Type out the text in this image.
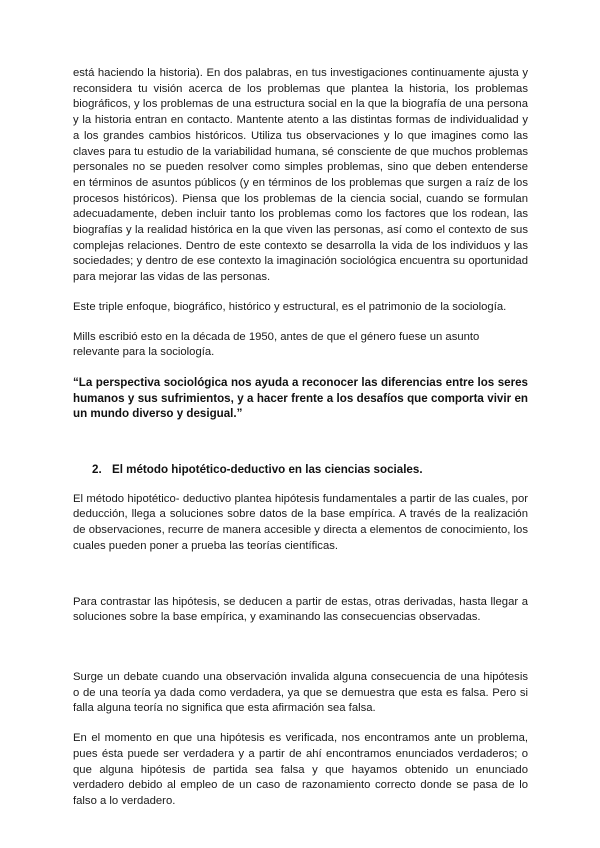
está haciendo la historia). En dos palabras, en tus investigaciones continuamente ajusta y reconsidera tu visión acerca de los problemas que plantea la historia, los problemas biográficos, y los problemas de una estructura social en la que la biografía de una persona y la historia entran en contacto. Mantente atento a las distintas formas de individualidad y a los grandes cambios históricos. Utiliza tus observaciones y lo que imagines como las claves para tu estudio de la variabilidad humana, sé consciente de que muchos problemas personales no se pueden resolver como simples problemas, sino que deben entenderse en términos de asuntos públicos (y en términos de los problemas que surgen a raíz de los procesos históricos). Piensa que los problemas de la ciencia social, cuando se formulan adecuadamente, deben incluir tanto los problemas como los factores que los rodean, las biografías y la realidad histórica en la que viven las personas, así como el contexto de sus complejas relaciones. Dentro de este contexto se desarrolla la vida de los individuos y las sociedades; y dentro de ese contexto la imaginación sociológica encuentra su oportunidad para mejorar las vidas de las personas.

Este triple enfoque, biográfico, histórico y estructural, es el patrimonio de la sociología.

Mills escribió esto en la década de 1950, antes de que el género fuese un asunto relevante para la sociología.

“La perspectiva sociológica nos ayuda a reconocer las diferencias entre los seres humanos y sus sufrimientos, y a hacer frente a los desafíos que comporta vivir en un mundo diverso y desigual.”

2. El método hipotético-deductivo en las ciencias sociales.

El método hipotético- deductivo plantea hipótesis fundamentales a partir de las cuales, por deducción, llega a soluciones sobre datos de la base empírica. A través de la realización de observaciones, recurre de manera accesible y directa a elementos de conocimiento, los cuales pueden poner a prueba las teorías científicas.

Para contrastar las hipótesis, se deducen a partir de estas, otras derivadas, hasta llegar a soluciones sobre la base empírica, y examinando las consecuencias observadas.

Surge un debate cuando una observación invalida alguna consecuencia de una hipótesis o de una teoría ya dada como verdadera, ya que se demuestra que esta es falsa. Pero si falla alguna teoría no significa que esta afirmación sea falsa.

En el momento en que una hipótesis es verificada, nos encontramos ante un problema, pues ésta puede ser verdadera y a partir de ahí encontramos enunciados verdaderos; o que alguna hipótesis de partida sea falsa y que hayamos obtenido un enunciado verdadero debido al empleo de un caso de razonamiento correcto donde se pasa de lo falso a lo verdadero.
